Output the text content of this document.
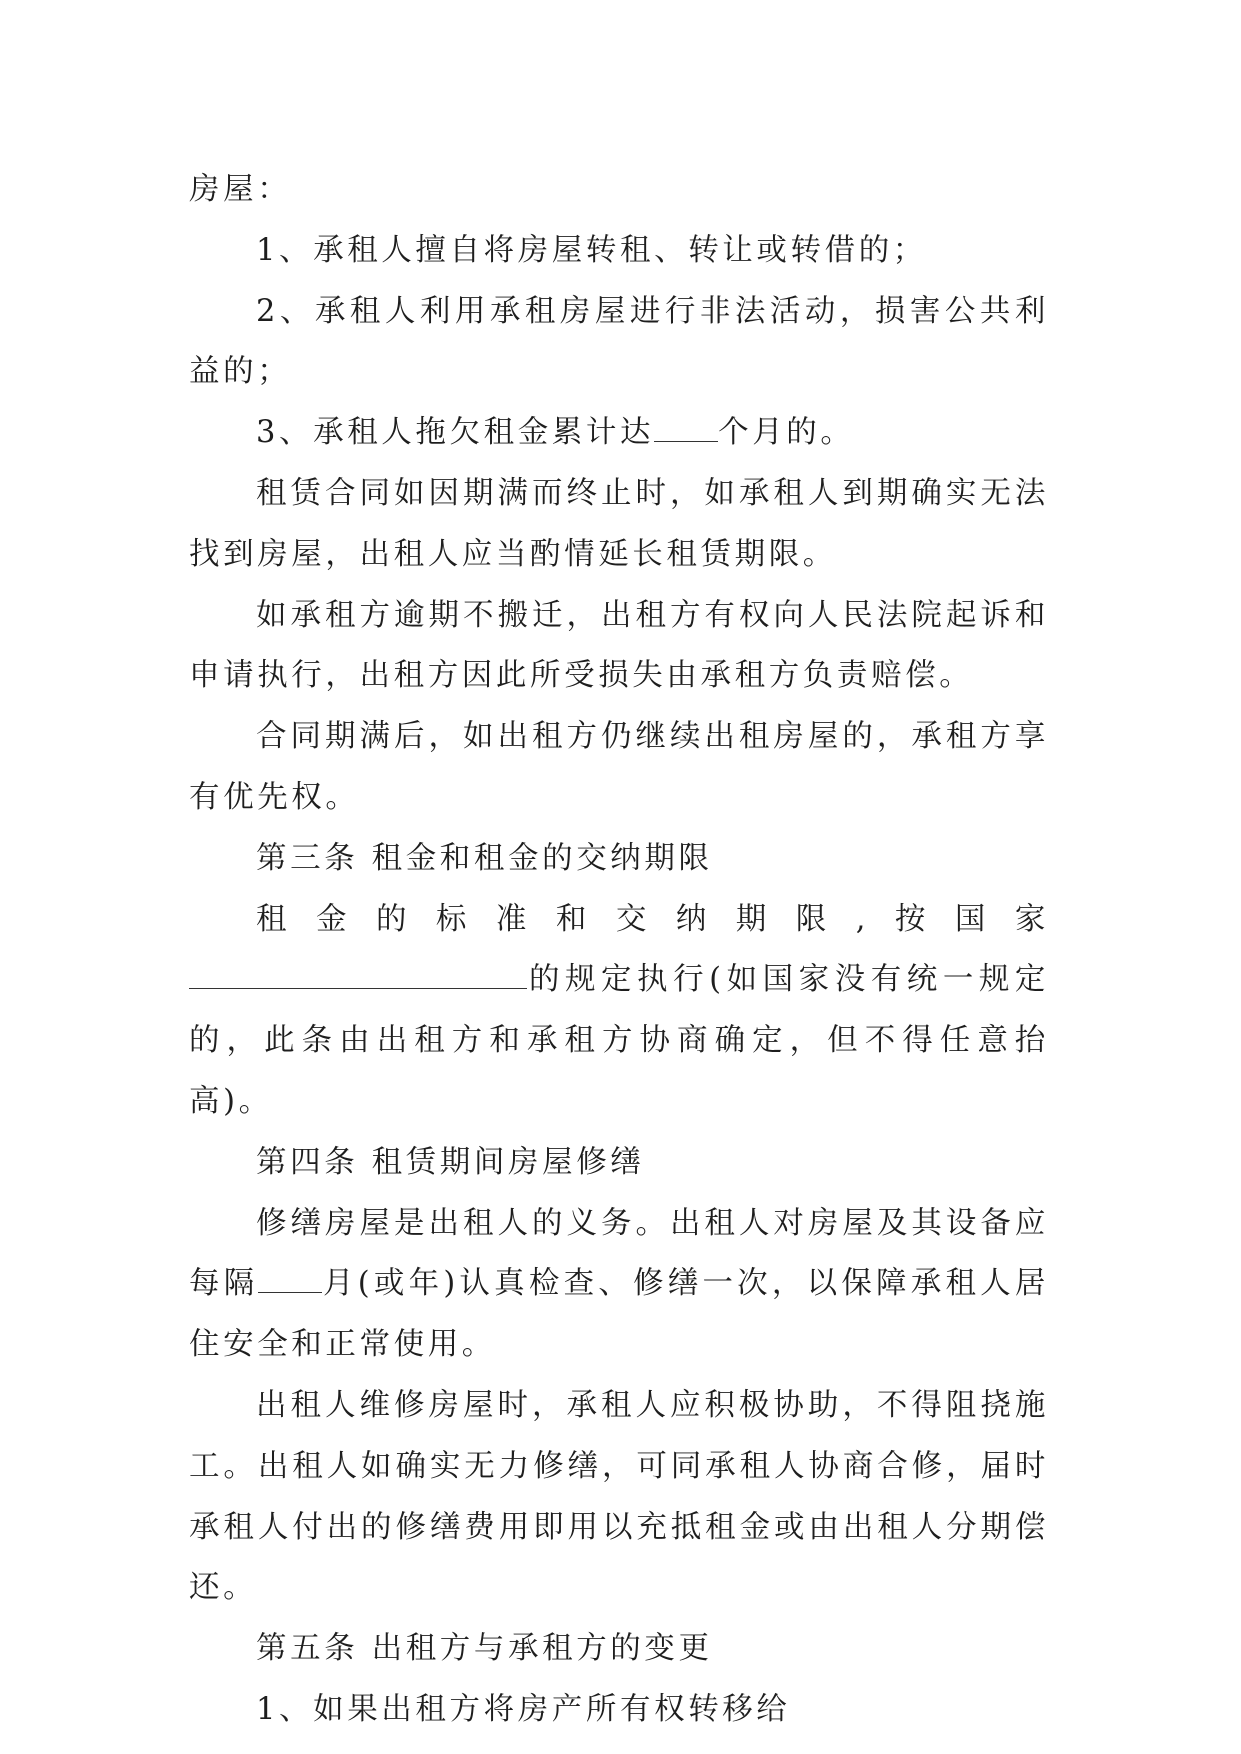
房屋：

1、承租人擅自将房屋转租、转让或转借的；

2、承租人利用承租房屋进行非法活动，损害公共利益的；

3、承租人拖欠租金累计达 个月的。

租赁合同如因期满而终止时，如承租人到期确实无法找到房屋，出租人应当酌情延长租赁期限。

如承租方逾期不搬迁，出租方有权向人民法院起诉和申请执行，出租方因此所受损失由承租方负责赔偿。

合同期满后，如出租方仍继续出租房屋的，承租方享有优先权。

第三条 租金和租金的交纳期限

租金的标准和交纳期限,按国家的规定执行(如国家没有统一规定的，此条由出租方和承租方协商确定，但不得任意抬高)。

第四条 租赁期间房屋修缮

修缮房屋是出租人的义务。出租人对房屋及其设备应每隔 月(或年)认真检查、修缮一次，以保障承租人居住安全和正常使用。

出租人维修房屋时，承租人应积极协助，不得阻挠施工。出租人如确实无力修缮，可同承租人协商合修，届时承租人付出的修缮费用即用以充抵租金或由出租人分期偿还。

第五条 出租方与承租方的变更

1、如果出租方将房产所有权转移给
